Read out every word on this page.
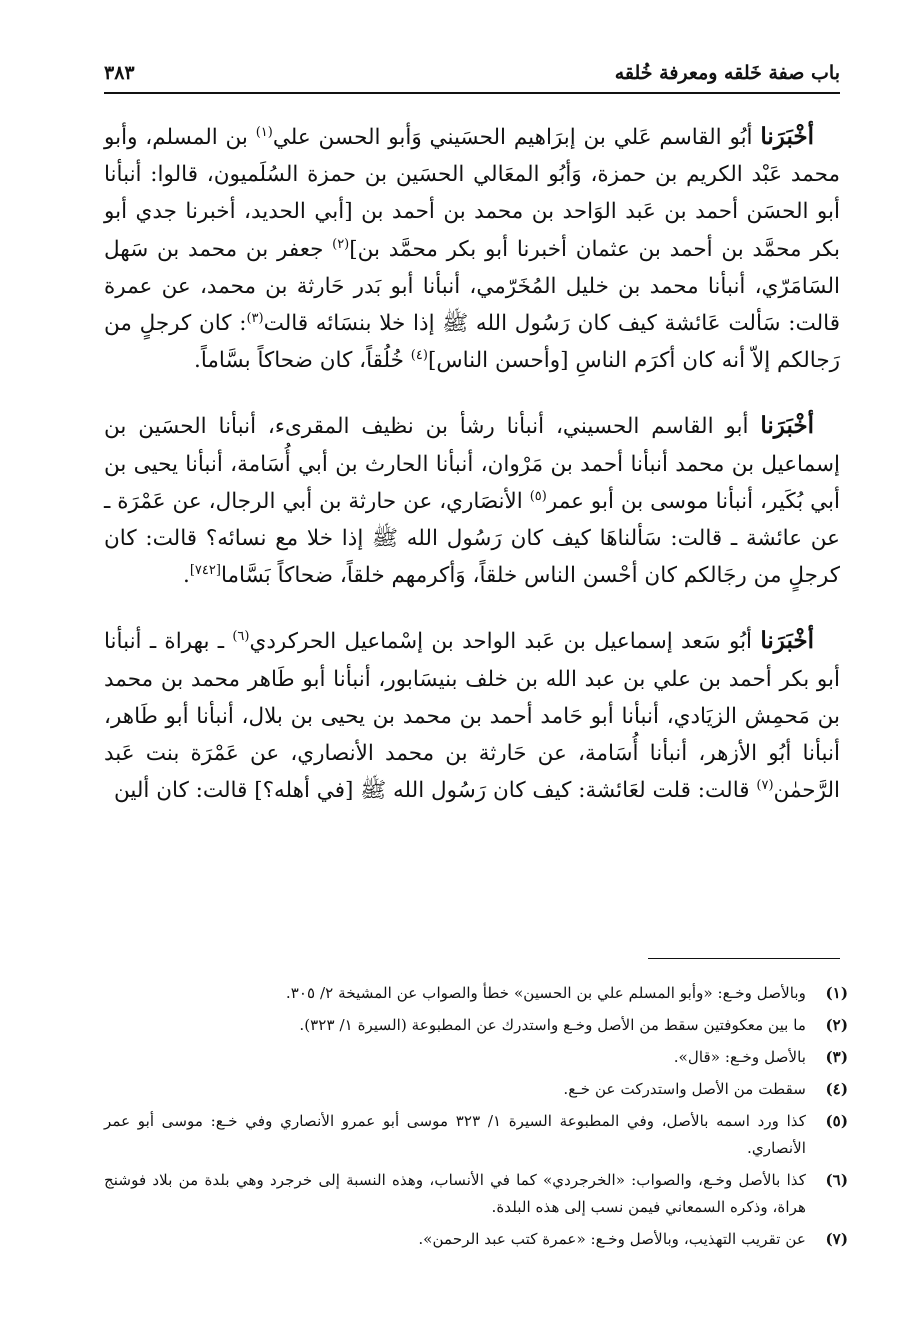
باب صفة خَلقه ومعرفة خُلقه
٣٨٣

أخْبَرَنا أبُو القاسم عَلي بن إبرَاهيم الحسَيني وَأبو الحسن علي$^{(١)}$ بن المسلم، وأبو محمد عَبْد الكريم بن حمزة، وَأبُو المعَالي الحسَين بن حمزة السُلَميون، قالوا: أنبأنا أبو الحسَن أحمد بن عَبد الوَاحد بن محمد بن أحمد بن [أبي الحديد، أخبرنا جدي أبو بكر محمَّد بن أحمد بن عثمان أخبرنا أبو بكر محمَّد بن]$^{(٢)}$ جعفر بن محمد بن سَهل السَامَرّي، أنبأنا محمد بن خليل المُخَرّمي، أنبأنا أبو بَدر حَارثة بن محمد، عن عمرة قالت: سَألت عَائشة كيف كان رَسُول الله ﷺ إذا خلا بنسَائه قالت$^{(٣)}$: كان كرجلٍ من رَجالكم إلاّ أنه كان أكرَم الناسِ [وأحسن الناس]$^{(٤)}$ خُلُقاً، كان ضحاكاً بسَّاماً.

أخْبَرَنا أبو القاسم الحسيني، أنبأنا رشأ بن نظيف المقرىء، أنبأنا الحسَين بن إسماعيل بن محمد أنبأنا أحمد بن مَرْوان، أنبأنا الحارث بن أبي أُسَامة، أنبأنا يحيى بن أبي بُكَير، أنبأنا موسى بن أبو عمر$^{(٥)}$ الأنصَاري، عن حارثة بن أبي الرجال، عن عَمْرَة ـ عن عائشة ـ قالت: سَألناهَا كيف كان رَسُول الله ﷺ إذا خلا مع نسائه؟ قالت: كان كرجلٍ من رجَالكم كان أحْسن الناس خلقاً، وَأكرمهم خلقاً، ضحاكاً بَسَّاما[٧٤٢].

أخْبَرَنا أبُو سَعد إسماعيل بن عَبد الواحد بن إسْماعيل الحركردي$^{(٦)}$ ـ بهراة ـ أنبأنا أبو بكر أحمد بن علي بن عبد الله بن خلف بنيسَابور، أنبأنا أبو طَاهر محمد بن محمد بن مَحمِش الزيَادي، أنبأنا أبو حَامد أحمد بن محمد بن يحيى بن بلال، أنبأنا أبو طَاهر، أنبأنا أبُو الأزهر، أنبأنا أُسَامة، عن حَارثة بن محمد الأنصاري، عن عَمْرَة بنت عَبد الرَّحمٰن$^{(٧)}$ قالت: قلت لعَائشة: كيف كان رَسُول الله ﷺ [في أهله؟] قالت: كان ألين

(١)
وبالأصل وخـع: «وأبو المسلم علي بن الحسين» خطأ والصواب عن المشيخة ٢/ ٣٠٥.
(٢)
ما بين معكوفتين سقط من الأصل وخـع واستدرك عن المطبوعة (السيرة ١/ ٣٢٣).
(٣)
بالأصل وخـع: «قال».
(٤)
سقطت من الأصل واستدركت عن خـع.
(٥)
كذا ورد اسمه بالأصل، وفي المطبوعة السيرة ١/ ٣٢٣ موسى أبو عمرو الأنصاري وفي خـع: موسى أبو عمر الأنصاري.
(٦)
كذا بالأصل وخـع، والصواب: «الخرجردي» كما في الأنساب، وهذه النسبة إلى خرجرد وهي بلدة من بلاد فوشنج هراة، وذكره السمعاني فيمن نسب إلى هذه البلدة.
(٧)
عن تقريب التهذيب، وبالأصل وخـع: «عمرة كتب عبد الرحمن».
